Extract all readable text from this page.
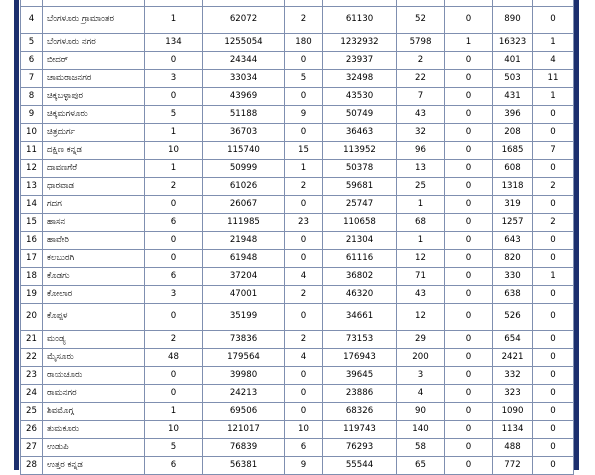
4	ಬೆಂಗಳೂರು ಗ್ರಾಮಾಂತರ	1	62072	2	61130	52	0	890	0
5	ಬೆಂಗಳೂರು ನಗರ	134	1255054	180	1232932	5798	1	16323	1
6	ಬೀದರ್	0	24344	0	23937	2	0	401	4
7	ಚಾಮರಾಜನಗರ	3	33034	5	32498	22	0	503	11
8	ಚಿಕ್ಕಬಳ್ಳಾಪುರ	0	43969	0	43530	7	0	431	1
9	ಚಿಕ್ಕಮಗಳೂರು	5	51188	9	50749	43	0	396	0
10	ಚಿತ್ರದುರ್ಗ	1	36703	0	36463	32	0	208	0
11	ದಕ್ಷಿಣ ಕನ್ನಡ	10	115740	15	113952	96	0	1685	7
12	ದಾವಣಗೆರೆ	1	50999	1	50378	13	0	608	0
13	ಧಾರವಾಡ	2	61026	2	59681	25	0	1318	2
14	ಗದಗ	0	26067	0	25747	1	0	319	0
15	ಹಾಸನ	6	111985	23	110658	68	0	1257	2
16	ಹಾವೇರಿ	0	21948	0	21304	1	0	643	0
17	ಕಲಬುರಗಿ	0	61948	0	61116	12	0	820	0
18	ಕೊಡಗು	6	37204	4	36802	71	0	330	1
19	ಕೋಲಾರ	3	47001	2	46320	43	0	638	0
20	ಕೊಪ್ಪಳ	0	35199	0	34661	12	0	526	0
21	ಮಂಡ್ಯ	2	73836	2	73153	29	0	654	0
22	ಮೈಸೂರು	48	179564	4	176943	200	0	2421	0
23	ರಾಯಚೂರು	0	39980	0	39645	3	0	332	0
24	ರಾಮನಗರ	0	24213	0	23886	4	0	323	0
25	ಶಿವಮೊಗ್ಗ	1	69506	0	68326	90	0	1090	0
26	ತುಮಕೂರು	10	121017	10	119743	140	0	1134	0
27	ಉಡುಪಿ	5	76839	6	76293	58	0	488	0
28	ಉತ್ತರ ಕನ್ನಡ	6	56381	9	55544	65	0	772	0
